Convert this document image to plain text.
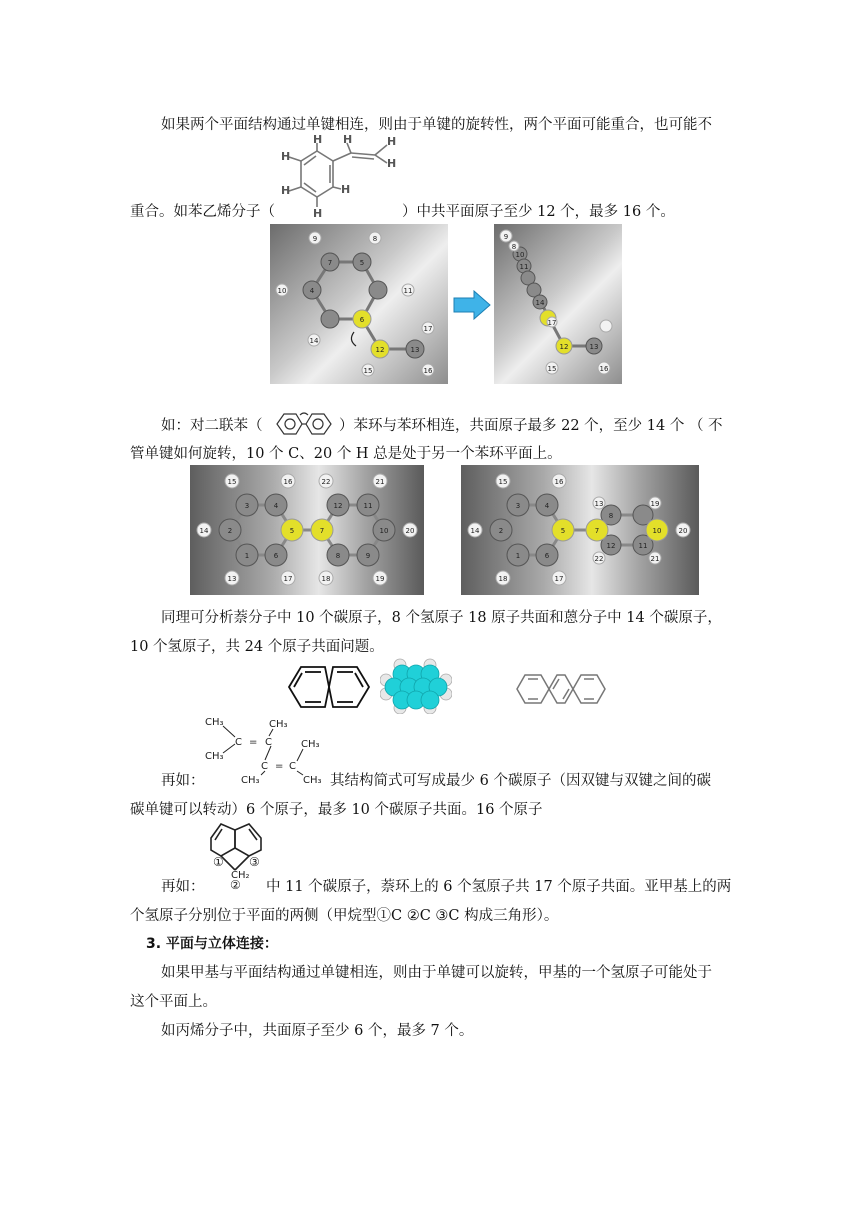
如果两个平面结构通过单键相连，则由于单键的旋转性，两个平面可能重合，也可能不
H
H
H
H
H
H	H
H
重合。如苯乙烯分子（	）中共平面原子至少 12 个，最多 16 个。
9	8
10
7	5
11
4
6
17
14
12	13
15	16
9
8
10
11
17
14
12	13
15	16
如：对二联苯（	）苯环与苯环相连，共面原子最多 22 个，至少 14 个 （ 不
管单键如何旋转，10 个 C、20 个 H 总是处于另一个苯环平面上。
15	16	22	21
14
3	4
5	7
12	11
10 20
2
1	6	8	9
13	17	18	19
15	16
13	19
14
3	4
5	7
8
10 20
2
1	6
12	11
22	21
18	17
同理可分析萘分子中 10 个碳原子，8 个氢原子 18 原子共面和蒽分子中 14 个碳原子，
10 个氢原子，共 24 个原子共面问题。
CH₃	CH₃
CH₃
CH₃
CH₃	CH₃
C C
C C
=
=
再如：	其结构简式可写成最少 6 个碳原子（因双键与双键之间的碳
碳单键可以转动）6 个原子，最多 10 个碳原子共面。16 个原子
①
②
③
CH₂
再如：	中 11 个碳原子，萘环上的 6 个氢原子共 17 个原子共面。亚甲基上的两
个氢原子分别位于平面的两侧（甲烷型①C ②C ③C 构成三角形）。
3. 平面与立体连接：
如果甲基与平面结构通过单键相连，则由于单键可以旋转，甲基的一个氢原子可能处于
这个平面上。
如丙烯分子中，共面原子至少 6 个，最多 7 个。
